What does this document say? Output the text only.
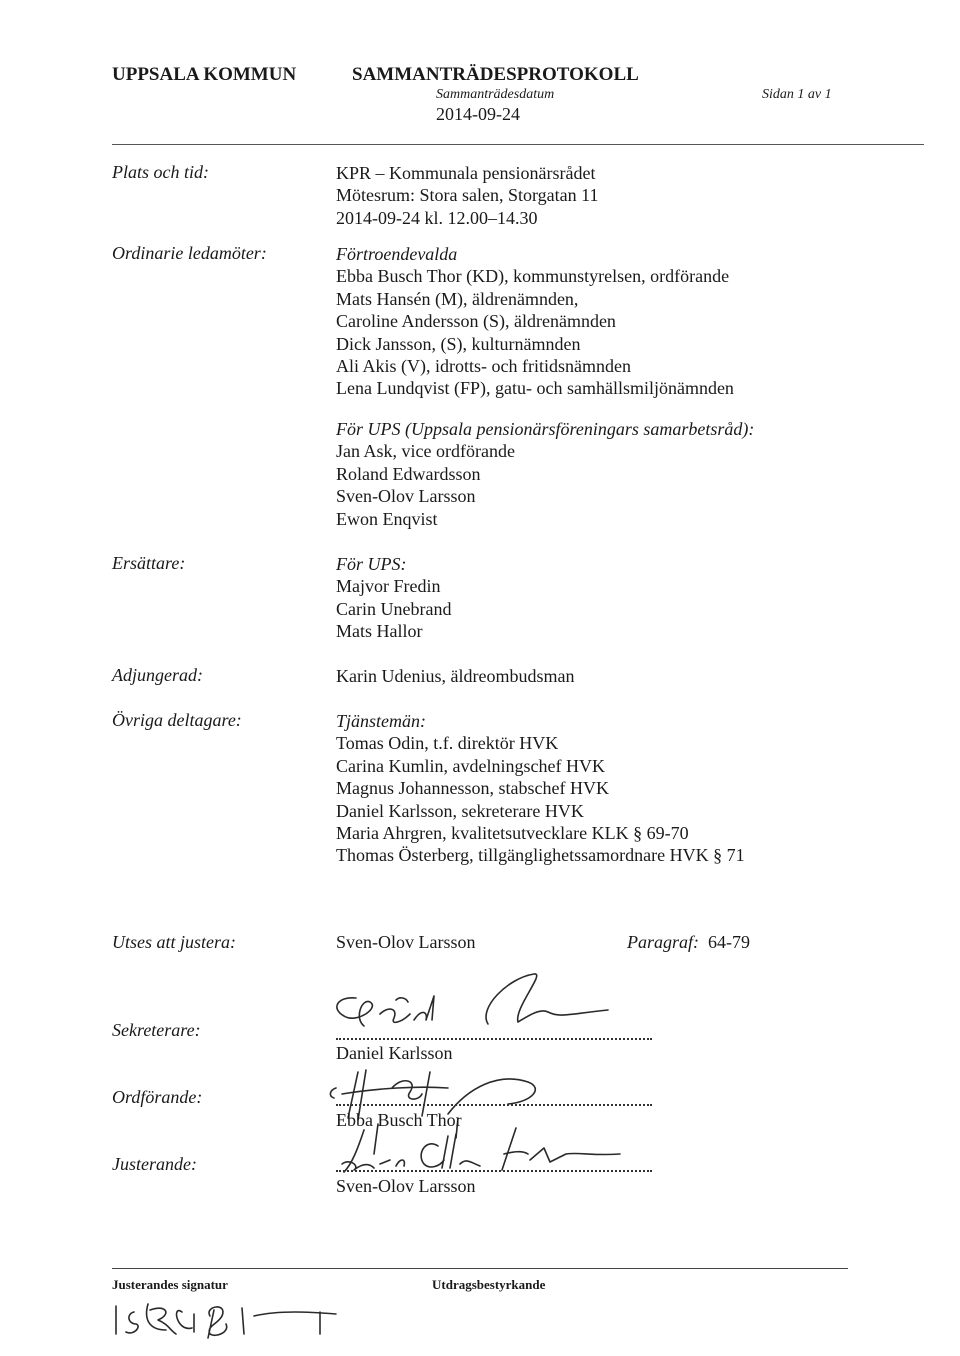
UPPSALA KOMMUN	SAMMANTRÄDESPROTOKOLL
Sammanträdesdatum
2014-09-24
Sidan 1 av 1
Plats och tid:	KPR – Kommunala pensionärsrådet
Mötesrum: Stora salen, Storgatan 11
2014-09-24 kl. 12.00–14.30
Ordinarie ledamöter:	Förtroendevalda
Ebba Busch Thor (KD), kommunstyrelsen, ordförande
Mats Hansén (M), äldrenämnden,
Caroline Andersson (S), äldrenämnden
Dick Jansson, (S), kulturnämnden
Ali Akis (V), idrotts- och fritidsnämnden
Lena Lundqvist (FP), gatu- och samhällsmiljönämnden
För UPS (Uppsala pensionärsföreningars samarbetsråd):
Jan Ask, vice ordförande
Roland Edwardsson
Sven-Olov Larsson
Ewon Enqvist
Ersättare:	För UPS:
Majvor Fredin
Carin Unebrand
Mats Hallor
Adjungerad:	Karin Udenius, äldreombudsman
Övriga deltagare:	Tjänstemän:
Tomas Odin, t.f. direktör HVK
Carina Kumlin, avdelningschef HVK
Magnus Johannesson, stabschef HVK
Daniel Karlsson, sekreterare HVK
Maria Ahrgren, kvalitetsutvecklare KLK § 69-70
Thomas Österberg, tillgänglighetssamordnare HVK § 71
Utses att justera:	Sven-Olov Larsson	Paragraf: 64-79
Sekreterare:
Daniel Karlsson
Ordförande:
Ebba Busch Thor
Justerande:
Sven-Olov Larsson
Justerandes signatur	Utdragsbestyrkande
